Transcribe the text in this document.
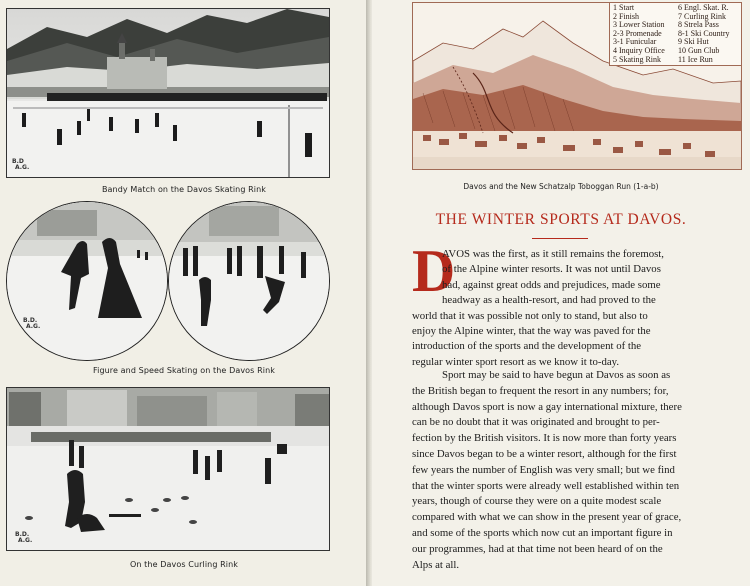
B.D
A.G.
Bandy Match on the Davos Skating Rink
B.D.
A.G.
Figure and Speed Skating on the Davos Rink
B.D.
A.G.
On the Davos Curling Rink
1 Start
2 Finish
3 Lower Station
2-3 Promenade
3-1 Funicular
4 Inquiry Office
5 Skating Rink
6 Engl. Skat. R.
7 Curling Rink
8 Strela Pass
8-1 Ski Country
9 Ski Hut
10 Gun Club
11 Ice Run
Davos and the New Schatzalp Toboggan Run (1-a-b)
THE WINTER SPORTS AT DAVOS.
D
AVOS was the first, as it still remains the foremost,
of the Alpine winter resorts. It was not until Davos
had, against great odds and prejudices, made some
headway as a health-resort, and had proved to the
world that it was possible not only to stand, but also to
enjoy the Alpine winter, that the way was paved for the
introduction of the sports and the development of the
regular winter sport resort as we know it to-day.
Sport may be said to have begun at Davos as soon as
the British began to frequent the resort in any numbers; for,
although Davos sport is now a gay international mixture, there
can be no doubt that it was originated and brought to per-
fection by the British visitors. It is now more than forty years
since Davos began to be a winter resort, although for the first
few years the number of English was very small; but we find
that the winter sports were already well established within ten
years, though of course they were on a quite modest scale
compared with what we can show in the present year of grace,
and some of the sports which now cut an important figure in
our programmes, had at that time not been heard of on the
Alps at all.
